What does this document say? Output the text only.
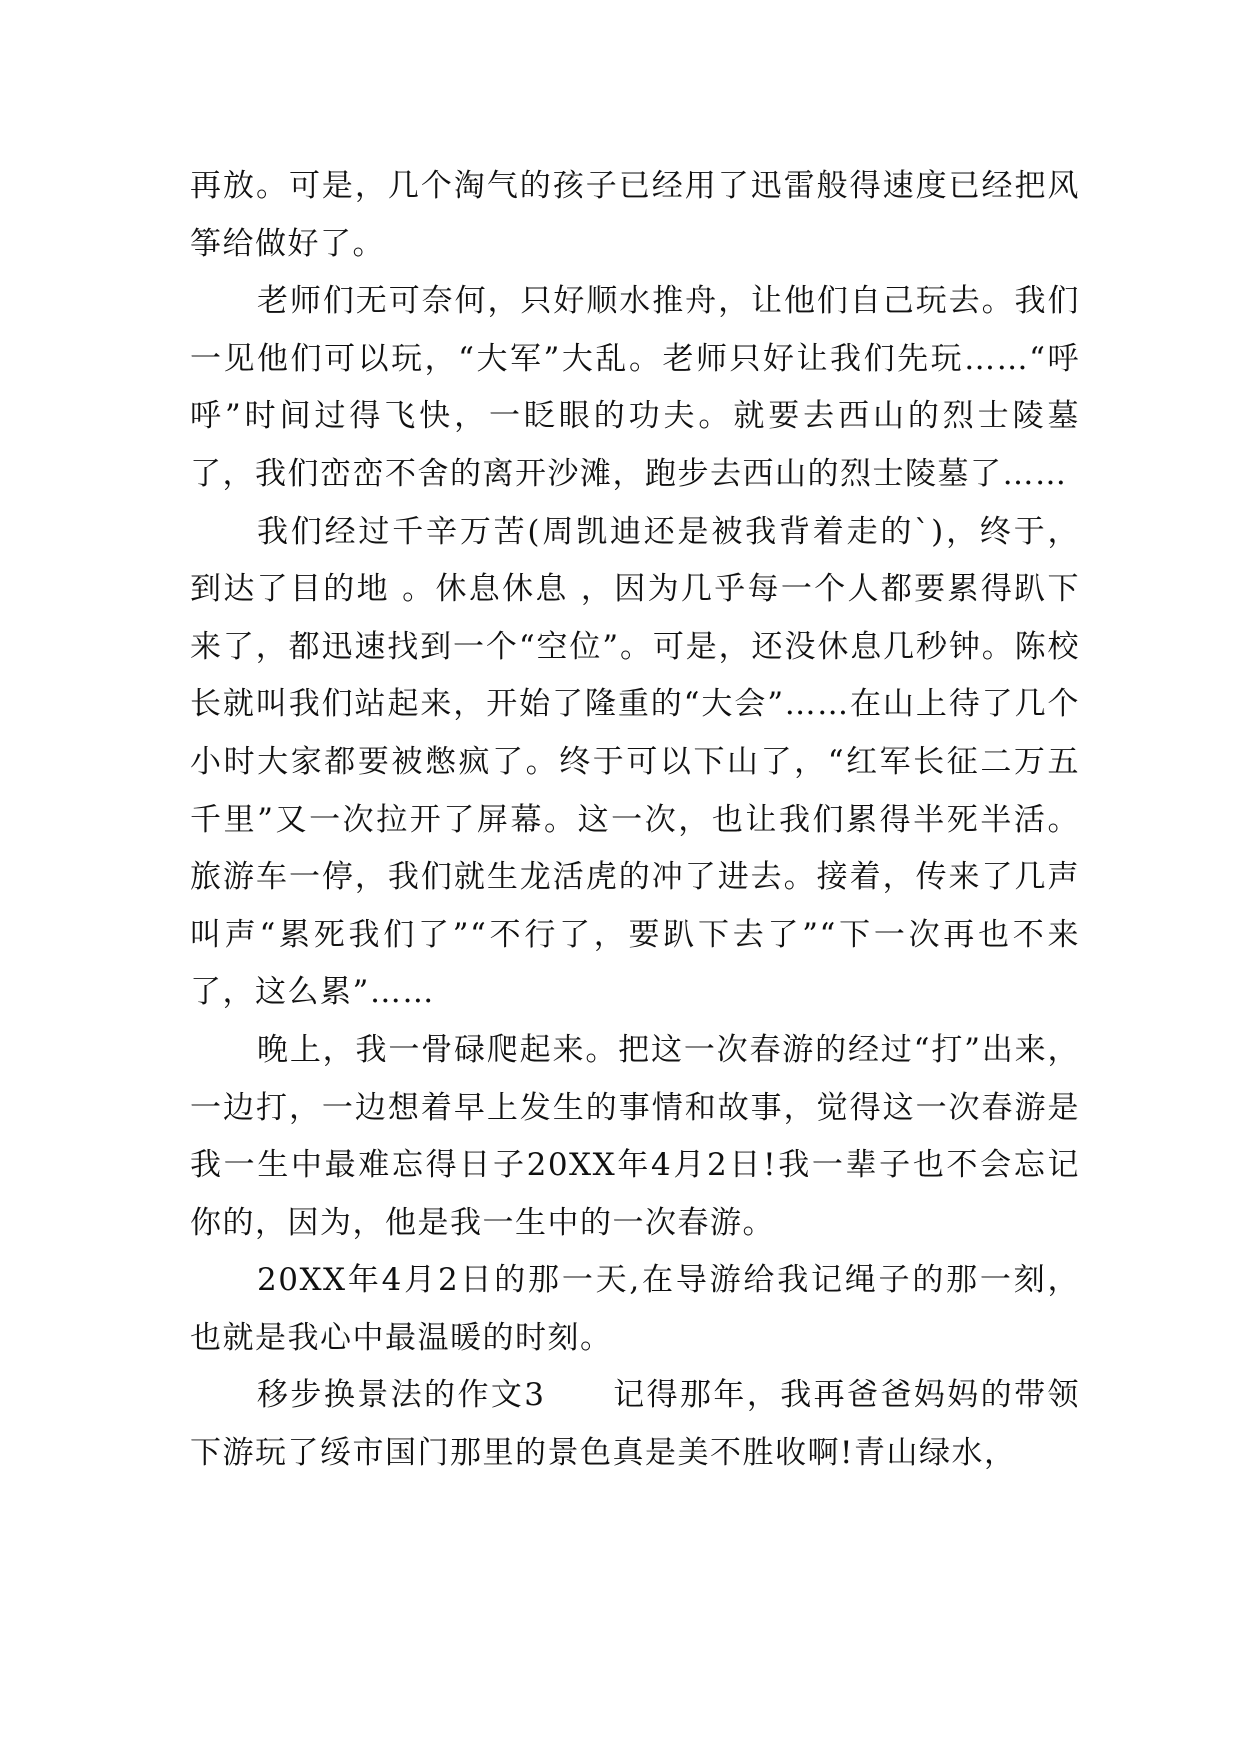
再放。可是，几个淘气的孩子已经用了迅雷般得速度已经把风筝给做好了。

老师们无可奈何，只好顺水推舟，让他们自己玩去。我们一见他们可以玩，“大军”大乱。老师只好让我们先玩……“呼呼”时间过得飞快，一眨眼的功夫。就要去西山的烈士陵墓了，我们峦峦不舍的离开沙滩，跑步去西山的烈士陵墓了……

我们经过千辛万苦(周凯迪还是被我背着走的`)，终于，到达了目的地 。休息休息 ，因为几乎每一个人都要累得趴下来了，都迅速找到一个“空位”。可是，还没休息几秒钟。陈校长就叫我们站起来，开始了隆重的“大会”……在山上待了几个小时大家都要被憋疯了。终于可以下山了，“红军长征二万五千里”又一次拉开了屏幕。这一次，也让我们累得半死半活。旅游车一停，我们就生龙活虎的冲了进去。接着，传来了几声叫声“累死我们了”“不行了，要趴下去了”“下一次再也不来了，这么累”……

晚上，我一骨碌爬起来。把这一次春游的经过“打”出来，一边打，一边想着早上发生的事情和故事，觉得这一次春游是我一生中最难忘得日子20XX年4月2日!我一辈子也不会忘记你的，因为，他是我一生中的一次春游。

20XX年4月2日的那一天,在导游给我记绳子的那一刻，也就是我心中最温暖的时刻。

移步换景法的作文3　　记得那年，我再爸爸妈妈的带领下游玩了绥市国门那里的景色真是美不胜收啊!青山绿水，
